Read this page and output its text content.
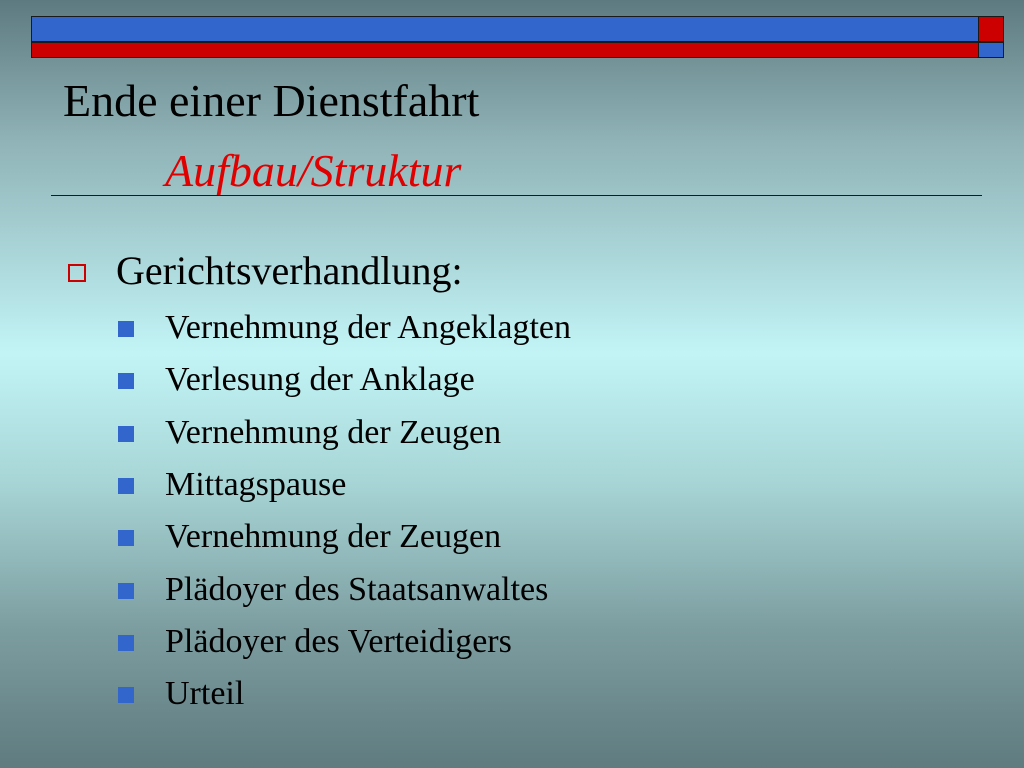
Ende einer Dienstfahrt
Aufbau/Struktur
Gerichtsverhandlung:
Vernehmung der Angeklagten
Verlesung der Anklage
Vernehmung der Zeugen
Mittagspause
Vernehmung der Zeugen
Plädoyer des Staatsanwaltes
Plädoyer des Verteidigers
Urteil
